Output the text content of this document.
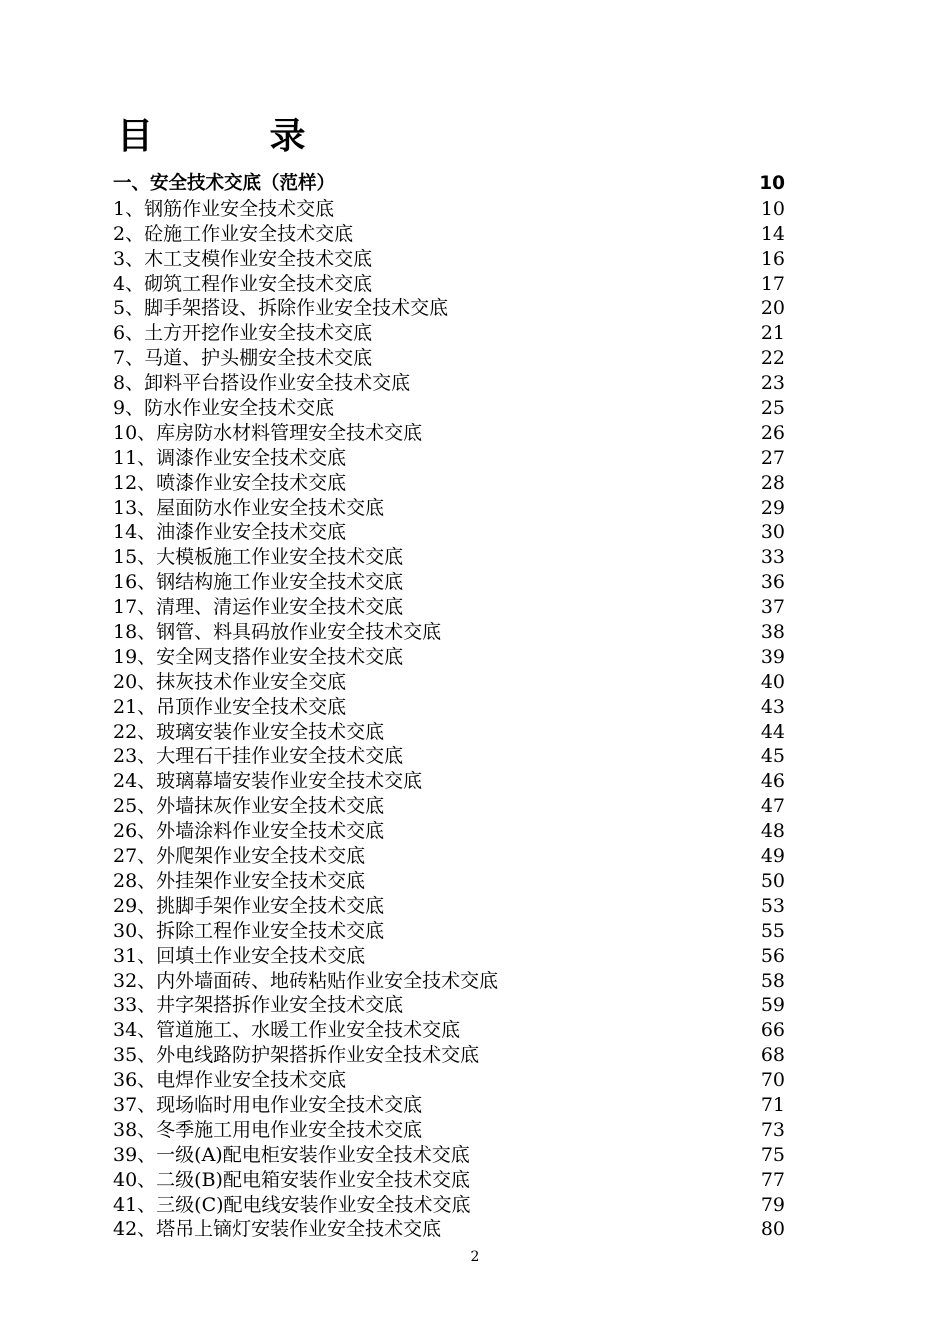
目 录
一、安全技术交底（范样）	10
1、钢筋作业安全技术交底	10
2、砼施工作业安全技术交底	14
3、木工支模作业安全技术交底	16
4、砌筑工程作业安全技术交底	17
5、脚手架搭设、拆除作业安全技术交底	20
6、土方开挖作业安全技术交底	21
7、马道、护头棚安全技术交底	22
8、卸料平台搭设作业安全技术交底	23
9、防水作业安全技术交底	25
10、库房防水材料管理安全技术交底	26
11、调漆作业安全技术交底	27
12、喷漆作业安全技术交底	28
13、屋面防水作业安全技术交底	29
14、油漆作业安全技术交底	30
15、大模板施工作业安全技术交底	33
16、钢结构施工作业安全技术交底	36
17、清理、清运作业安全技术交底	37
18、钢管、料具码放作业安全技术交底	38
19、安全网支搭作业安全技术交底	39
20、抹灰技术作业安全交底	40
21、吊顶作业安全技术交底	43
22、玻璃安装作业安全技术交底	44
23、大理石干挂作业安全技术交底	45
24、玻璃幕墙安装作业安全技术交底	46
25、外墙抹灰作业安全技术交底	47
26、外墙涂料作业安全技术交底	48
27、外爬架作业安全技术交底	49
28、外挂架作业安全技术交底	50
29、挑脚手架作业安全技术交底	53
30、拆除工程作业安全技术交底	55
31、回填土作业安全技术交底	56
32、内外墙面砖、地砖粘贴作业安全技术交底	58
33、井字架搭拆作业安全技术交底	59
34、管道施工、水暖工作业安全技术交底	66
35、外电线路防护架搭拆作业安全技术交底	68
36、电焊作业安全技术交底	70
37、现场临时用电作业安全技术交底	71
38、冬季施工用电作业安全技术交底	73
39、一级(A)配电柜安装作业安全技术交底	75
40、二级(B)配电箱安装作业安全技术交底	77
41、三级(C)配电线安装作业安全技术交底	79
42、塔吊上镝灯安装作业安全技术交底	80
2
